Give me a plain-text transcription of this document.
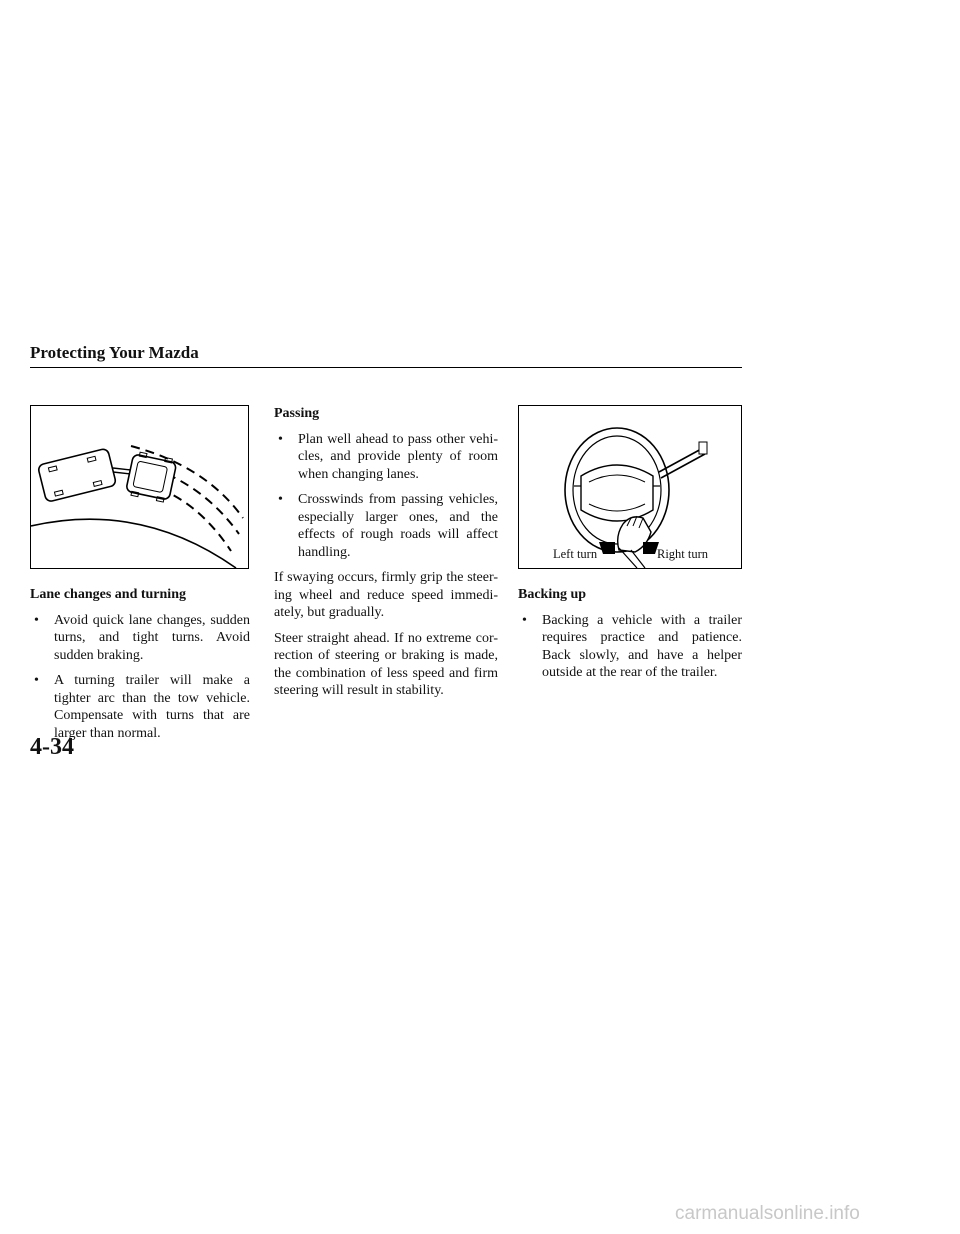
Protecting Your Mazda
Lane changes and turning
• Avoid quick lane changes, sudden turns, and tight turns. Avoid sudden braking.
• A turning trailer will make a tighter arc than the tow vehicle. Compensate with turns that are larger than normal.
Passing
• Plan well ahead to pass other vehi-cles, and provide plenty of room when changing lanes.
• Crosswinds from passing vehicles, especially larger ones, and the effects of rough roads will affect handling.

If swaying occurs, firmly grip the steer-ing wheel and reduce speed immedi-ately, but gradually.

Steer straight ahead. If no extreme cor-rection of steering or braking is made, the combination of less speed and firm steering will result in stability.

Left turn	Right turn
Backing up
• Backing a vehicle with a trailer requires practice and patience. Back slowly, and have a helper outside at the rear of the trailer.
4-34
carmanualsonline.info
